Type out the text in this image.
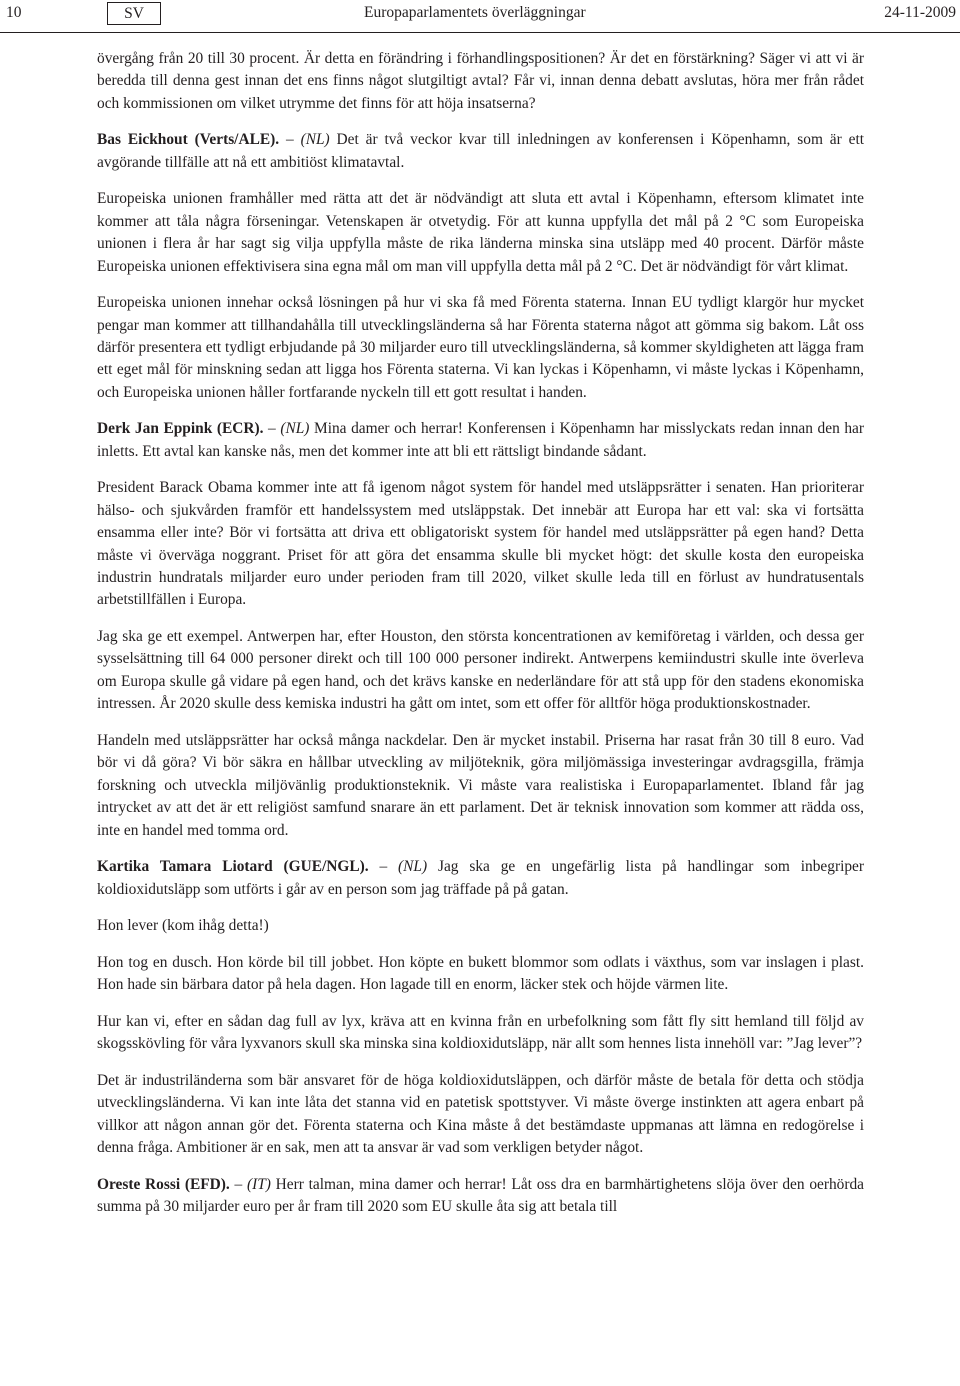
10	SV	Europaparlamentets överläggningar	24-11-2009

övergång från 20 till 30 procent. Är detta en förändring i förhandlingspositionen? Är det en förstärkning? Säger vi att vi är beredda till denna gest innan det ens finns något slutgiltigt avtal? Får vi, innan denna debatt avslutas, höra mer från rådet och kommissionen om vilket utrymme det finns för att höja insatserna?

Bas Eickhout (Verts/ALE). – (NL) Det är två veckor kvar till inledningen av konferensen i Köpenhamn, som är ett avgörande tillfälle att nå ett ambitiöst klimatavtal.

Europeiska unionen framhåller med rätta att det är nödvändigt att sluta ett avtal i Köpenhamn, eftersom klimatet inte kommer att tåla några förseningar. Vetenskapen är otvetydig. För att kunna uppfylla det mål på 2 °C som Europeiska unionen i flera år har sagt sig vilja uppfylla måste de rika länderna minska sina utsläpp med 40 procent. Därför måste Europeiska unionen effektivisera sina egna mål om man vill uppfylla detta mål på 2 °C. Det är nödvändigt för vårt klimat.

Europeiska unionen innehar också lösningen på hur vi ska få med Förenta staterna. Innan EU tydligt klargör hur mycket pengar man kommer att tillhandahålla till utvecklingsländerna så har Förenta staterna något att gömma sig bakom. Låt oss därför presentera ett tydligt erbjudande på 30 miljarder euro till utvecklingsländerna, så kommer skyldigheten att lägga fram ett eget mål för minskning sedan att ligga hos Förenta staterna. Vi kan lyckas i Köpenhamn, vi måste lyckas i Köpenhamn, och Europeiska unionen håller fortfarande nyckeln till ett gott resultat i handen.

Derk Jan Eppink (ECR). – (NL) Mina damer och herrar! Konferensen i Köpenhamn har misslyckats redan innan den har inletts. Ett avtal kan kanske nås, men det kommer inte att bli ett rättsligt bindande sådant.

President Barack Obama kommer inte att få igenom något system för handel med utsläppsrätter i senaten. Han prioriterar hälso- och sjukvården framför ett handelssystem med utsläppstak. Det innebär att Europa har ett val: ska vi fortsätta ensamma eller inte? Bör vi fortsätta att driva ett obligatoriskt system för handel med utsläppsrätter på egen hand? Detta måste vi överväga noggrant. Priset för att göra det ensamma skulle bli mycket högt: det skulle kosta den europeiska industrin hundratals miljarder euro under perioden fram till 2020, vilket skulle leda till en förlust av hundratusentals arbetstillfällen i Europa.

Jag ska ge ett exempel. Antwerpen har, efter Houston, den största koncentrationen av kemiföretag i världen, och dessa ger sysselsättning till 64 000 personer direkt och till 100 000 personer indirekt. Antwerpens kemiindustri skulle inte överleva om Europa skulle gå vidare på egen hand, och det krävs kanske en nederländare för att stå upp för den stadens ekonomiska intressen. År 2020 skulle dess kemiska industri ha gått om intet, som ett offer för alltför höga produktionskostnader.

Handeln med utsläppsrätter har också många nackdelar. Den är mycket instabil. Priserna har rasat från 30 till 8 euro. Vad bör vi då göra? Vi bör säkra en hållbar utveckling av miljöteknik, göra miljömässiga investeringar avdragsgilla, främja forskning och utveckla miljövänlig produktionsteknik. Vi måste vara realistiska i Europaparlamentet. Ibland får jag intrycket av att det är ett religiöst samfund snarare än ett parlament. Det är teknisk innovation som kommer att rädda oss, inte en handel med tomma ord.

Kartika Tamara Liotard (GUE/NGL). – (NL) Jag ska ge en ungefärlig lista på handlingar som inbegriper koldioxidutsläpp som utförts i går av en person som jag träffade på på gatan.

Hon lever (kom ihåg detta!)

Hon tog en dusch. Hon körde bil till jobbet. Hon köpte en bukett blommor som odlats i växthus, som var inslagen i plast. Hon hade sin bärbara dator på hela dagen. Hon lagade till en enorm, läcker stek och höjde värmen lite.

Hur kan vi, efter en sådan dag full av lyx, kräva att en kvinna från en urbefolkning som fått fly sitt hemland till följd av skogsskövling för våra lyxvanors skull ska minska sina koldioxidutsläpp, när allt som hennes lista innehöll var: ”Jag lever”?

Det är industriländerna som bär ansvaret för de höga koldioxidutsläppen, och därför måste de betala för detta och stödja utvecklingsländerna. Vi kan inte låta det stanna vid en patetisk spottstyver. Vi måste överge instinkten att agera enbart på villkor att någon annan gör det. Förenta staterna och Kina måste å det bestämdaste uppmanas att lämna en redogörelse i denna fråga. Ambitioner är en sak, men att ta ansvar är vad som verkligen betyder något.

Oreste Rossi (EFD). – (IT) Herr talman, mina damer och herrar! Låt oss dra en barmhärtighetens slöja över den oerhörda summa på 30 miljarder euro per år fram till 2020 som EU skulle åta sig att betala till
